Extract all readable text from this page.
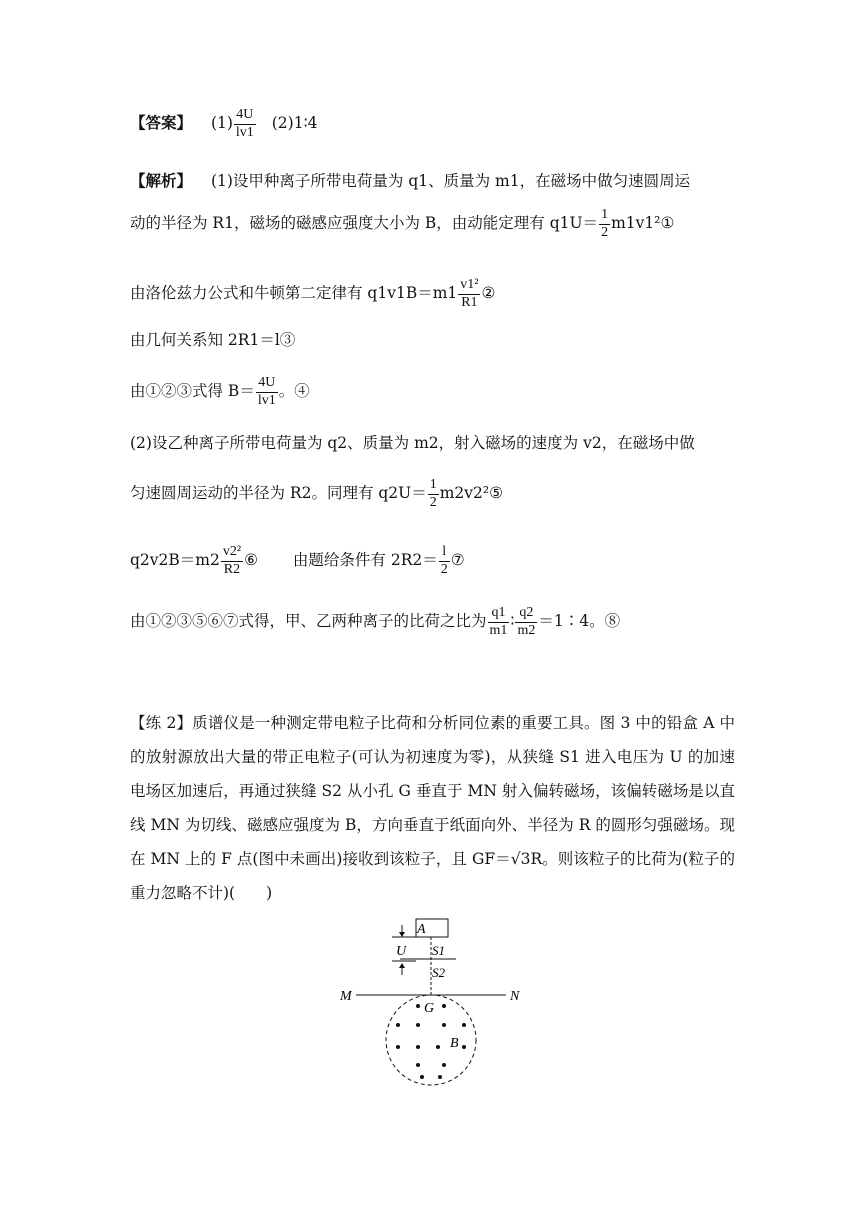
【答案】 $(1) \frac{4U}{lv1}$ (2)1∶4
【解析】 (1)设甲种离子所带电荷量为 q1、质量为 m1，在磁场中做匀速圆周运
动的半径为 R1，磁场的磁感应强度大小为 B，由动能定理有 $q1U= \frac{1}{2}$ m1v1²①
由洛伦兹力公式和牛顿第二定律有 $q1v1B=m1 \frac{\text{v1²}}{R1}$ ②
由几何关系知 2R1＝l③
由①②③式得 $B= \frac{4U}{lv1}$ 。④
(2)设乙种离子所带电荷量为 q2、质量为 m2，射入磁场的速度为 v2，在磁场中做
匀速圆周运动的半径为 R2。同理有 $q2U= \frac{1}{2}$ m2v2²⑤
$q2v2B=m2 \frac{\text{v2²}}{R2}$ ⑥ 由题给条件有 $2R2= \frac{l}{2}$ ⑦
由①②③⑤⑥⑦式得，甲、乙两种离子的比荷之比为 $\frac{q1}{m1}$ ∶ $\frac{q2}{m2}$ ＝1∶4。⑧
【练 2】质谱仪是一种测定带电粒子比荷和分析同位素的重要工具。图 3 中的铅盒 A 中的放射源放出大量的带正电粒子(可认为初速度为零)，从狭缝 S1 进入电压为 U 的加速电场区加速后，再通过狭缝 S2 从小孔 G 垂直于 MN 射入偏转磁场，该偏转磁场是以直线 MN 为切线、磁感应强度为 B，方向垂直于纸面向外、半径为 R 的圆形匀强磁场。现在 MN 上的 F 点(图中未画出)接收到该粒子，且 GF＝√3R。则该粒子的比荷为(粒子的重力忽略不计)(　　)
A
U S1
S2
M	N
G
B
